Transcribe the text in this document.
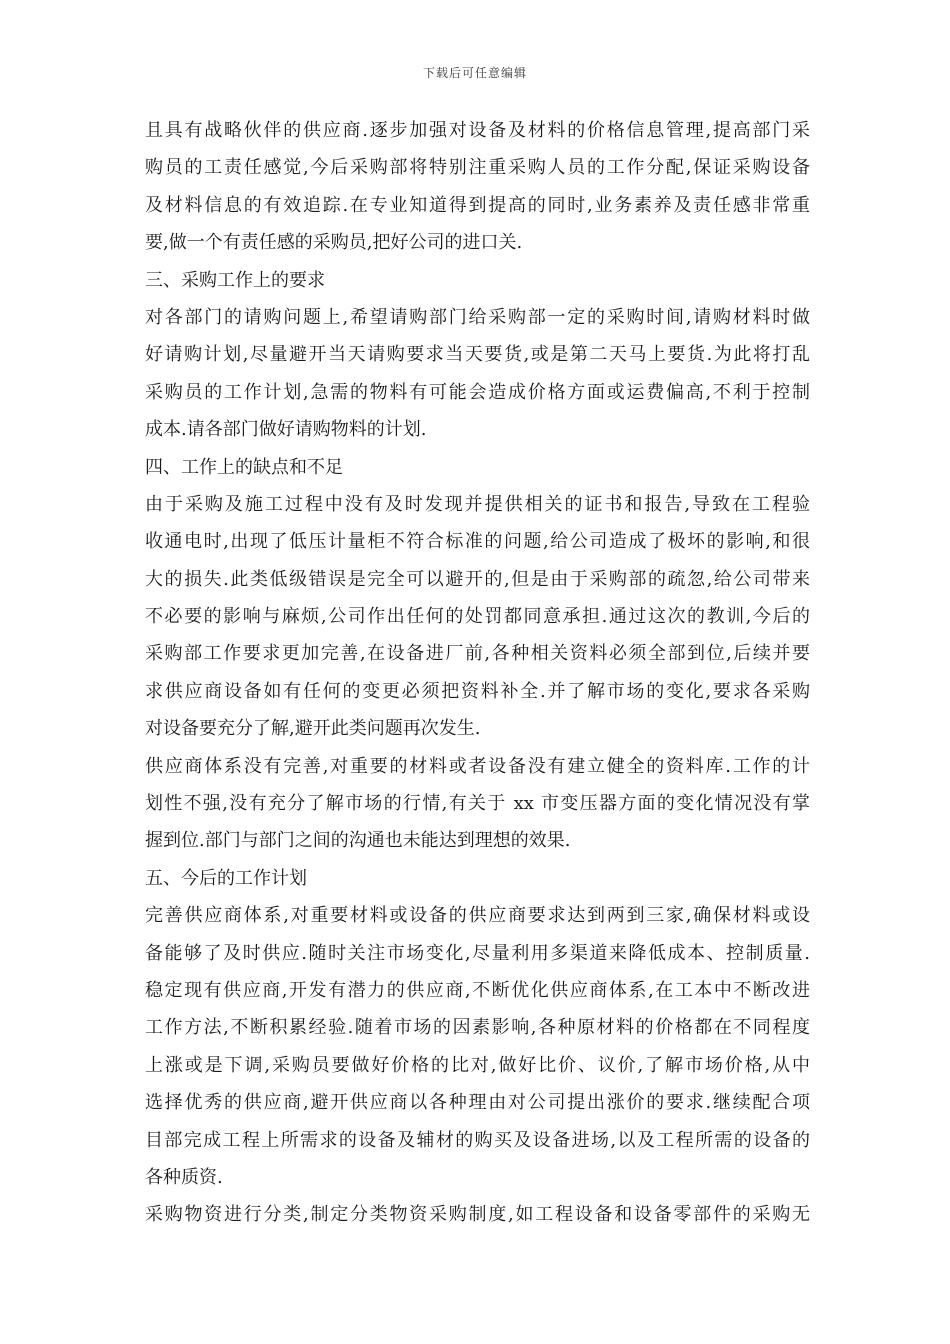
下载后可任意编辑
且具有战略伙伴的供应商.逐步加强对设备及材料的价格信息管理,提高部门采
购员的工责任感觉,今后采购部将特别注重采购人员的工作分配,保证采购设备
及材料信息的有效追踪.在专业知道得到提高的同时,业务素养及责任感非常重
要,做一个有责任感的采购员,把好公司的进口关.
三、采购工作上的要求
对各部门的请购问题上,希望请购部门给采购部一定的采购时间,请购材料时做
好请购计划,尽量避开当天请购要求当天要货,或是第二天马上要货.为此将打乱
采购员的工作计划,急需的物料有可能会造成价格方面或运费偏高,不利于控制
成本.请各部门做好请购物料的计划.
四、工作上的缺点和不足
由于采购及施工过程中没有及时发现并提供相关的证书和报告,导致在工程验
收通电时,出现了低压计量柜不符合标准的问题,给公司造成了极坏的影响,和很
大的损失.此类低级错误是完全可以避开的,但是由于采购部的疏忽,给公司带来
不必要的影响与麻烦,公司作出任何的处罚都同意承担.通过这次的教训,今后的
采购部工作要求更加完善,在设备进厂前,各种相关资料必须全部到位,后续并要
求供应商设备如有任何的变更必须把资料补全.并了解市场的变化,要求各采购
对设备要充分了解,避开此类问题再次发生.
供应商体系没有完善,对重要的材料或者设备没有建立健全的资料库.工作的计
划性不强,没有充分了解市场的行情,有关于 xx 市变压器方面的变化情况没有掌
握到位.部门与部门之间的沟通也未能达到理想的效果.
五、今后的工作计划
完善供应商体系,对重要材料或设备的供应商要求达到两到三家,确保材料或设
备能够了及时供应.随时关注市场变化,尽量利用多渠道来降低成本、控制质量.
稳定现有供应商,开发有潜力的供应商,不断优化供应商体系,在工本中不断改进
工作方法,不断积累经验.随着市场的因素影响,各种原材料的价格都在不同程度
上涨或是下调,采购员要做好价格的比对,做好比价、议价,了解市场价格,从中
选择优秀的供应商,避开供应商以各种理由对公司提出涨价的要求.继续配合项
目部完成工程上所需求的设备及辅材的购买及设备进场,以及工程所需的设备的
各种质资.
采购物资进行分类,制定分类物资采购制度,如工程设备和设备零部件的采购无
